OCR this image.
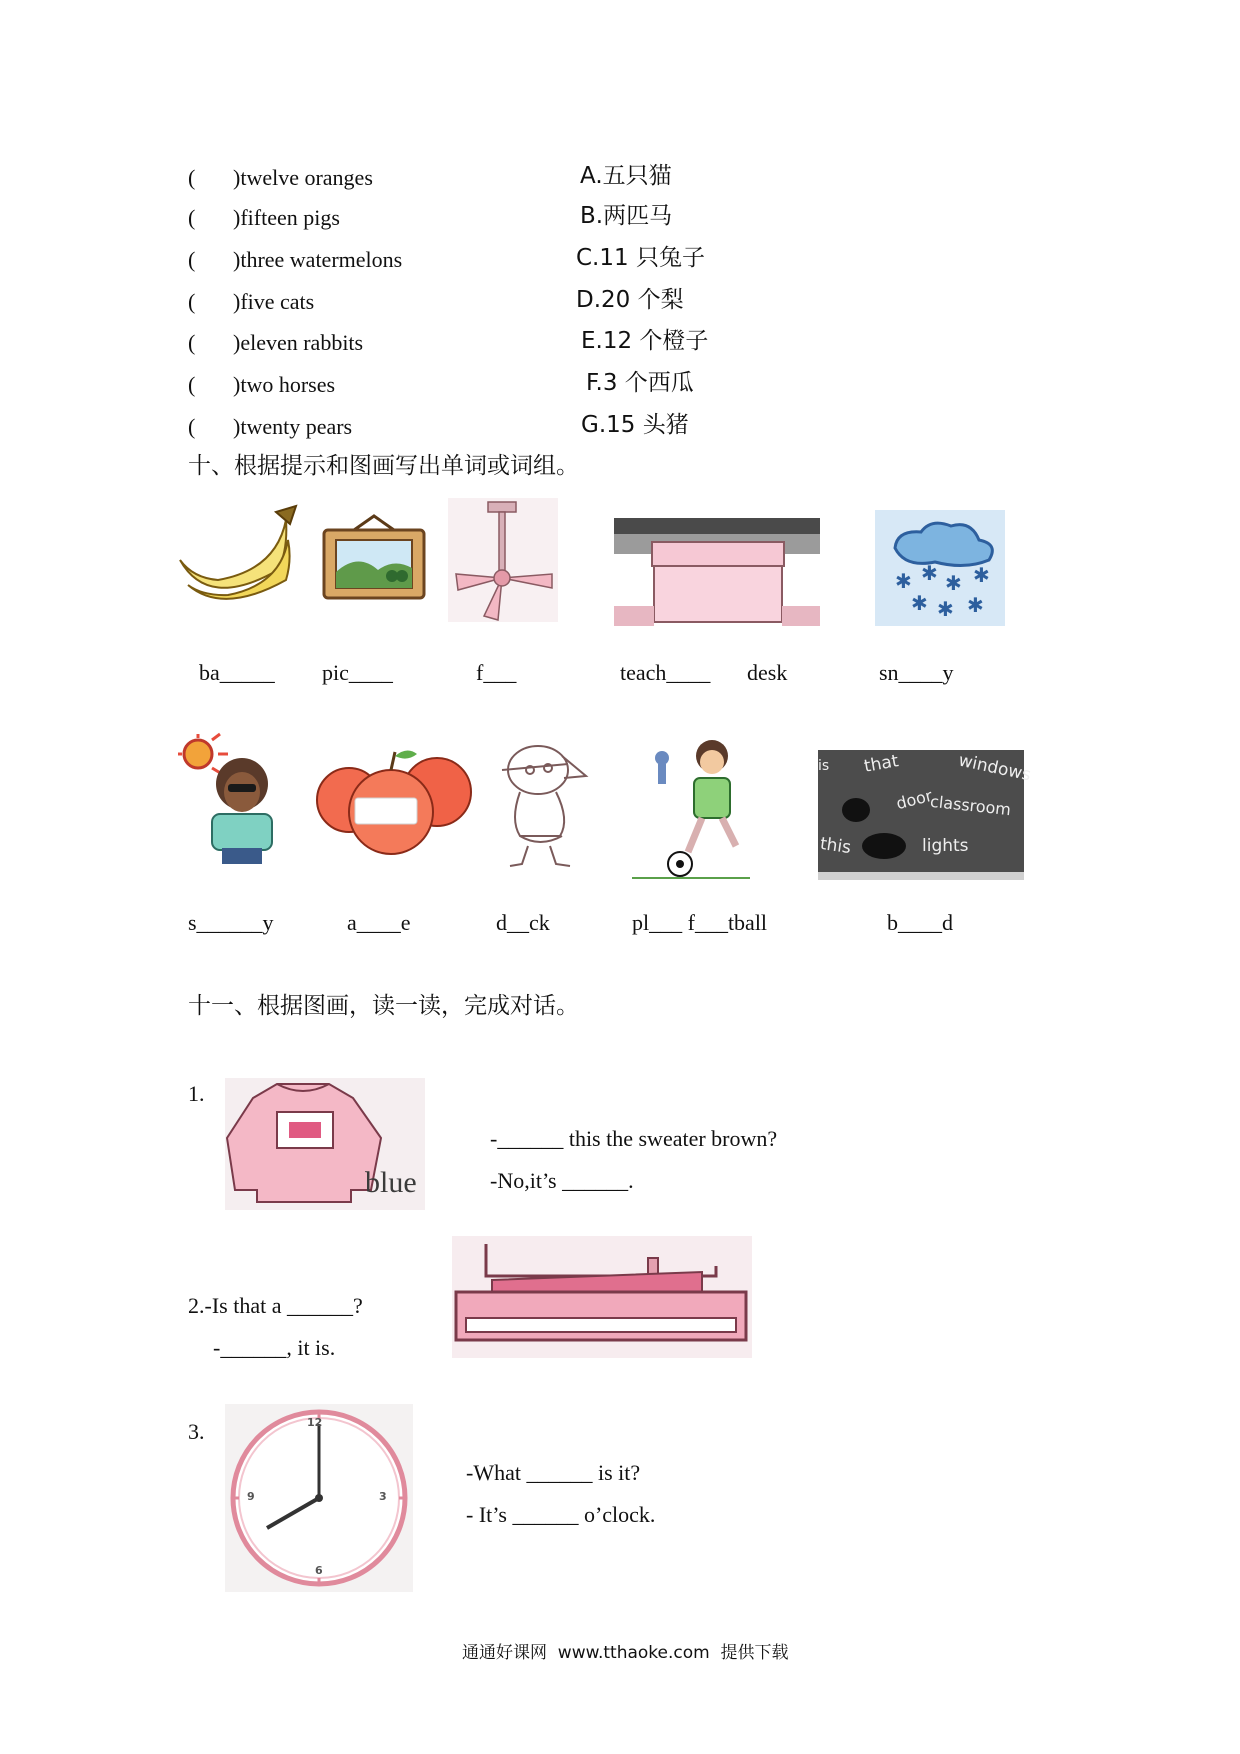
( )twelve oranges	A.五只猫
( )fifteen pigs	B.两匹马
( )three watermelons	C.11 只兔子
( )five cats	D.20 个梨
( )eleven rabbits	E.12 个橙子
( )two horses	F.3 个西瓜
( )twenty pears	G.15 头猪
十、根据提示和图画写出单词或词组。
✱ ✱ ✱ ✱
✱ ✱ ✱
ba_____ pic____	f___	teach____ desk	sn____y
is that	windows
door
classroom
this	lights
s______y	a____e	d__ck	pl___ f___tball	b____d
十一、根据图画，读一读，完成对话。
1.
blue
-______ this the sweater brown?
-No,it’s ______.
2.-Is that a ______?
-______, it is.
3.	12
3
6
9
-What ______ is it?
- It’s ______ o’clock.
通通好课网  www.tthaoke.com  提供下载
